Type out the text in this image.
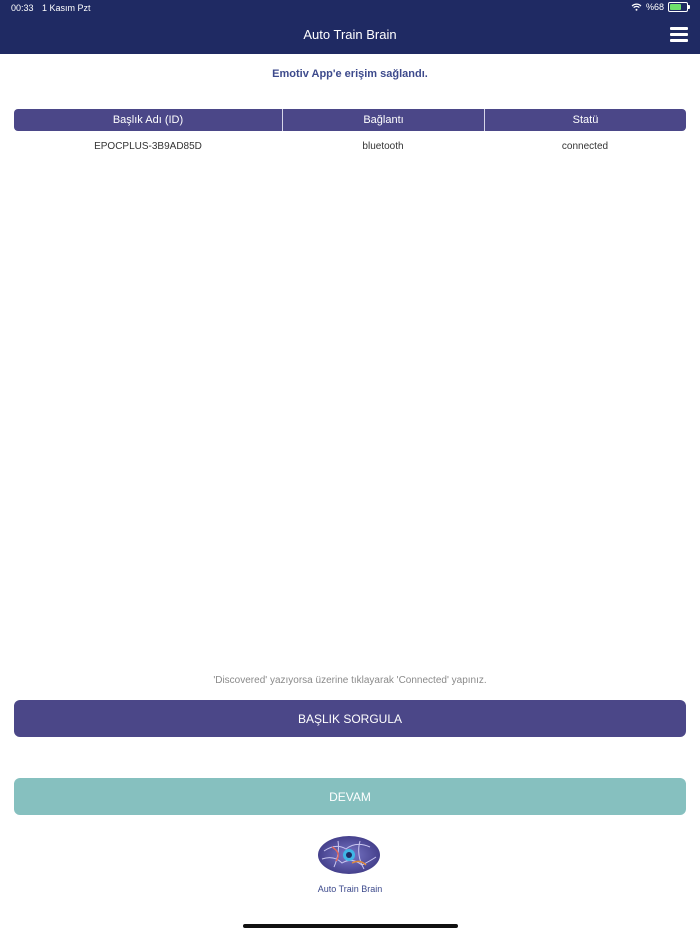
00:33 1 Kasım Pzt	%68
Auto Train Brain
Emotiv App'e erişim sağlandı.
Başlık Adı (ID)	Bağlantı	Statü
EPOCPLUS-3B9AD85D	bluetooth	connected
'Discovered' yazıyorsa üzerine tıklayarak 'Connected' yapınız.
BAŞLIK SORGULA
DEVAM
Auto Train Brain
